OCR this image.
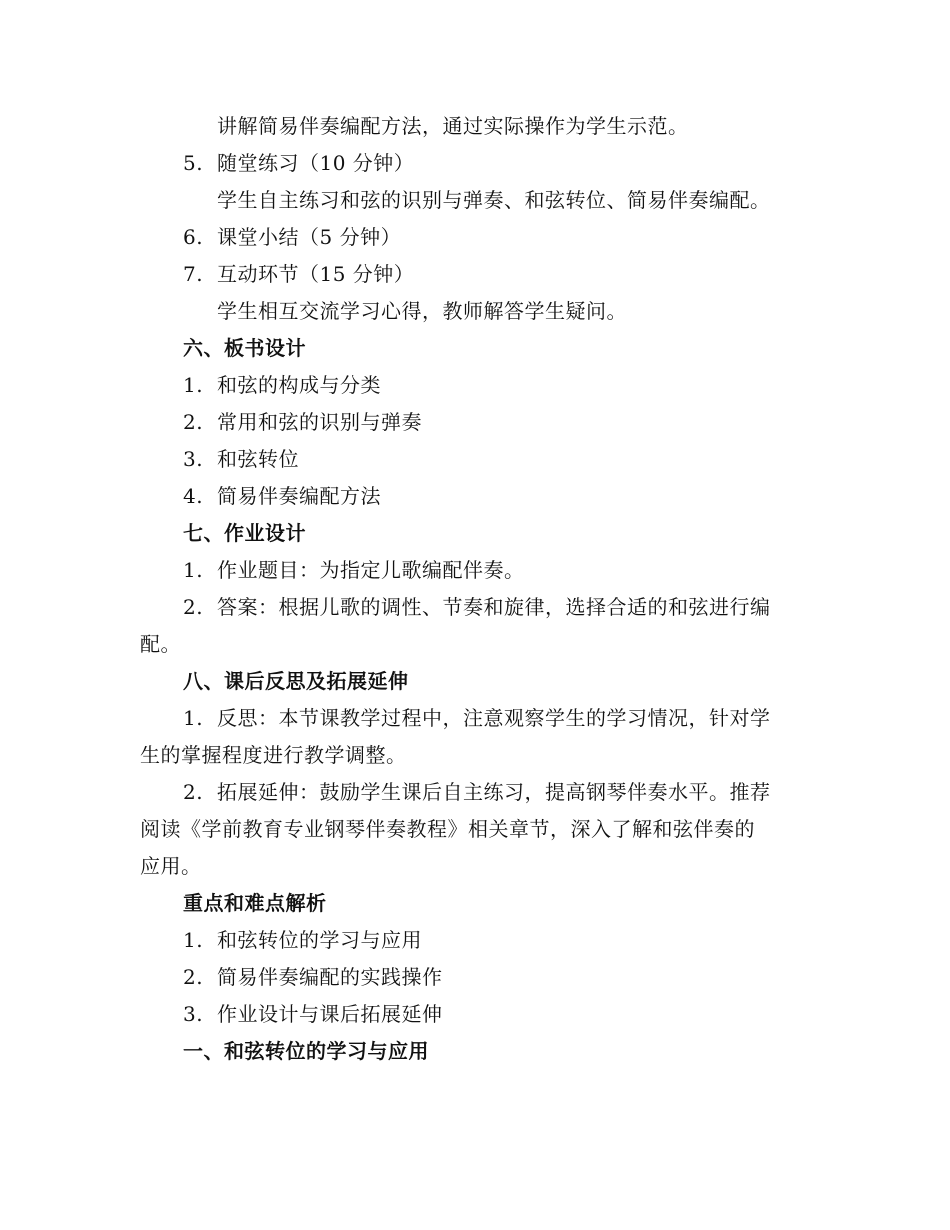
讲解简易伴奏编配方法，通过实际操作为学生示范。
5. 随堂练习（10 分钟）
学生自主练习和弦的识别与弹奏、和弦转位、简易伴奏编配。
6. 课堂小结（5 分钟）
7. 互动环节（15 分钟）
学生相互交流学习心得，教师解答学生疑问。
六、板书设计
1. 和弦的构成与分类
2. 常用和弦的识别与弹奏
3. 和弦转位
4. 简易伴奏编配方法
七、作业设计
1. 作业题目：为指定儿歌编配伴奏。
2. 答案：根据儿歌的调性、节奏和旋律，选择合适的和弦进行编
配。
八、课后反思及拓展延伸
1. 反思：本节课教学过程中，注意观察学生的学习情况，针对学
生的掌握程度进行教学调整。
2. 拓展延伸：鼓励学生课后自主练习，提高钢琴伴奏水平。推荐
阅读《学前教育专业钢琴伴奏教程》相关章节，深入了解和弦伴奏的
应用。
重点和难点解析
1. 和弦转位的学习与应用
2. 简易伴奏编配的实践操作
3. 作业设计与课后拓展延伸
一、和弦转位的学习与应用
